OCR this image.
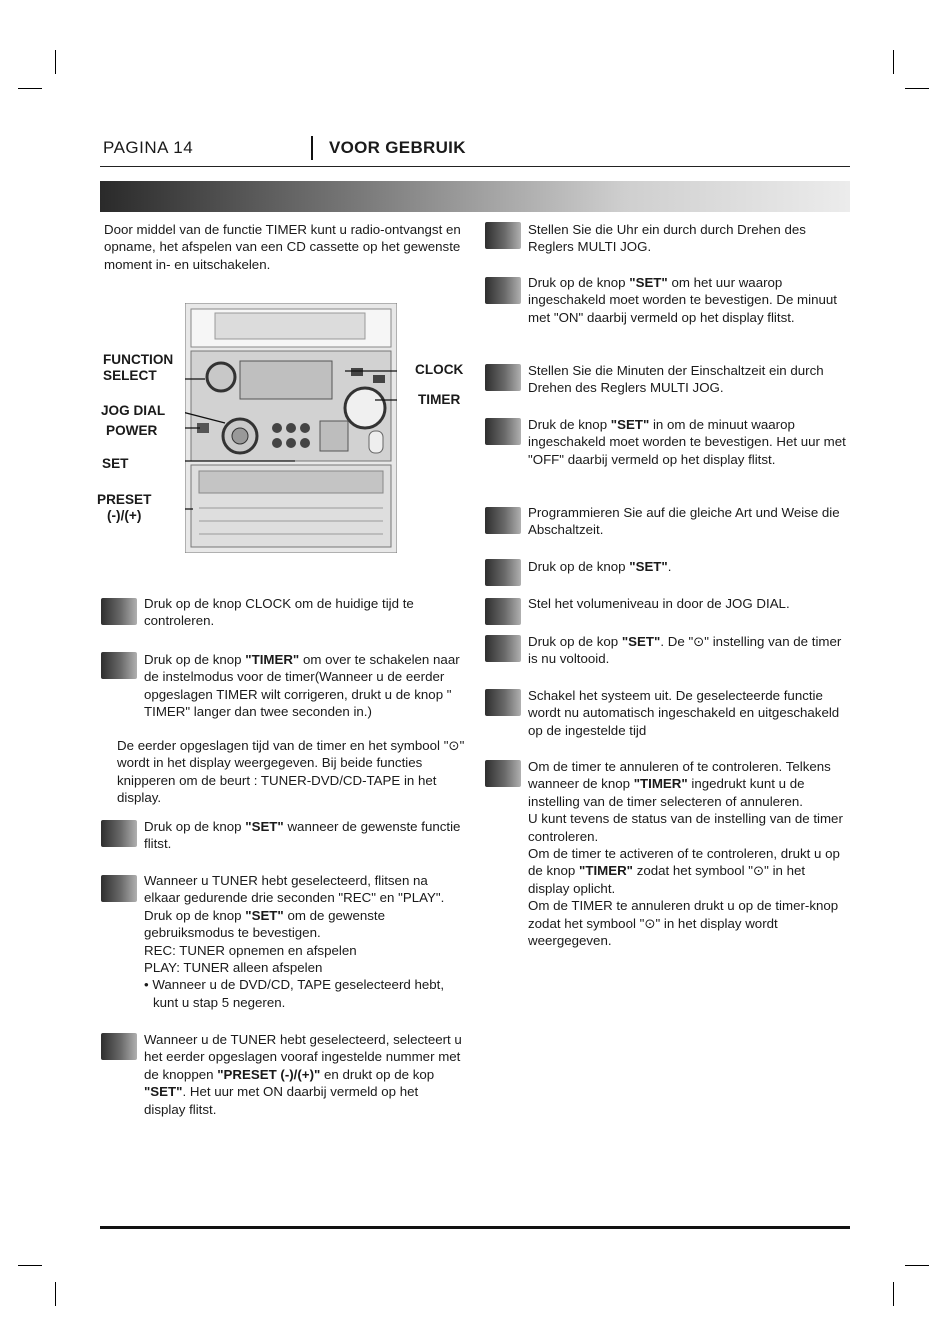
PAGINA 14	VOOR GEBRUIK
Door middel van de functie TIMER kunt u radio-ontvangst en opname, het afspelen van een CD cassette op het gewenste moment in- en uitschakelen.
FUNCTION
SELECT
JOG DIAL
POWER
SET
PRESET
(-)/(+)
CLOCK
TIMER
Druk op de knop CLOCK om de huidige tijd te controleren.
Druk op de knop "TIMER" om over te schakelen naar de instelmodus voor de timer(Wanneer u de eerder opgeslagen TIMER wilt corrigeren, drukt u de knop " TIMER" langer dan twee seconden in.)
De eerder opgeslagen tijd van de timer en het symbool "⊙" wordt in het display weergegeven. Bij beide functies knipperen om de beurt : TUNER-DVD/CD-TAPE in het display.
Druk op de knop "SET" wanneer de gewenste functie flitst.
Wanneer u TUNER hebt geselecteerd, flitsen na elkaar gedurende drie seconden "REC" en "PLAY". Druk op de knop "SET" om de gewenste gebruiksmodus te bevestigen.
REC: TUNER opnemen en afspelen
PLAY: TUNER alleen afspelen
• Wanneer u de DVD/CD, TAPE geselecteerd hebt, kunt u stap 5 negeren.
Wanneer u de TUNER hebt geselecteerd, selecteert u het eerder opgeslagen vooraf ingestelde nummer met de knoppen "PRESET (-)/(+)" en drukt op de kop "SET". Het uur met ON daarbij vermeld op het display flitst.
Stellen Sie die Uhr ein durch durch Drehen des Reglers MULTI JOG.
Druk op de knop "SET" om het uur waarop ingeschakeld moet worden te bevestigen. De minuut met "ON" daarbij vermeld op het display flitst.
Stellen Sie die Minuten der Einschaltzeit ein durch Drehen des Reglers MULTI JOG.
Druk de knop "SET" in om de minuut waarop ingeschakeld moet worden te bevestigen. Het uur met "OFF" daarbij vermeld op het display flitst.
Programmieren Sie auf die gleiche Art und Weise die Abschaltzeit.
Druk op de knop "SET".
Stel het volumeniveau in door de JOG DIAL.
Druk op de kop "SET". De "⊙" instelling van de timer is nu voltooid.
Schakel het systeem uit. De geselecteerde functie wordt nu automatisch ingeschakeld en uitgeschakeld op de ingestelde tijd
Om de timer te annuleren of te controleren. Telkens wanneer de knop "TIMER" ingedrukt kunt u de instelling van de timer selecteren of annuleren.
U kunt tevens de status van de instelling van de timer controleren.
Om de timer te activeren of te controleren, drukt u op de knop "TIMER" zodat het symbool "⊙" in het display oplicht.
Om de TIMER te annuleren drukt u op de timer-knop zodat het symbool "⊙" in het display wordt weergegeven.
